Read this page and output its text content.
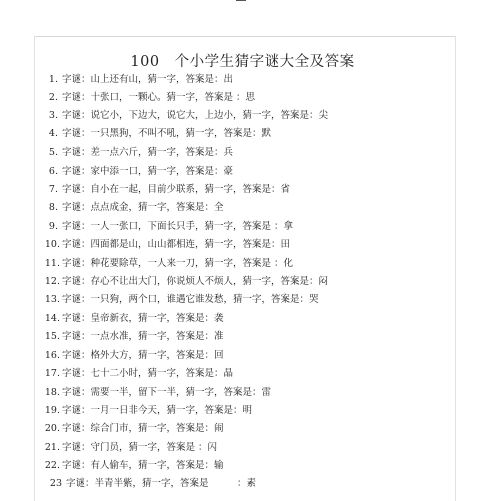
100　个小学生猜字谜大全及答案
1. 字谜：山上还有山，猜一字，答案是：出
2. 字谜：十张口，一颗心。猜一字，答案是 ：思
3. 字谜：说它小，下边大，说它大，上边小，猜一字，答案是：尖
4. 字谜：一只黑狗，不叫不吼，猜一字，答案是：默
5. 字谜：差一点六斤，猜一字，答案是：兵
6. 字谜：家中添一口，猜一字，答案是：豪
7. 字谜：自小在一起，目前少联系，猜一字，答案是：省
8. 字谜：点点成金，猜一字，答案是：全
9. 字谜：一人一张口，下面长只手，猜一字，答案是 ：拿
10. 字谜：四面都是山，山山都相连，猜一字，答案是：田
11. 字谜：种花要除草，一人来一刀，猜一字，答案是 ：化
12. 字谜：存心不让出大门，你说烦人不烦人，猜一字，答案是：闷
13. 字谜：一只狗，两个口，谁遇它谁发愁，猜一字，答案是：哭
14. 字谜：皇帝新衣，猜一字，答案是：袭
15. 字谜：一点水准，猜一字，答案是：准
16. 字谜：格外大方，猜一字，答案是：回
17. 字谜：七十二小时，猜一字，答案是：晶
18. 字谜：需要一半，留下一半，猜一字，答案是：雷
19. 字谜：一月一日非今天，猜一字，答案是：明
20. 字谜：综合门市，猜一字，答案是：闹
21. 字谜：守门员，猜一字，答案是 ：闪
22. 字谜：有人偷车，猜一字，答案是：输
23 字谜：半青半紫，猜一字，答案是　　　：素
